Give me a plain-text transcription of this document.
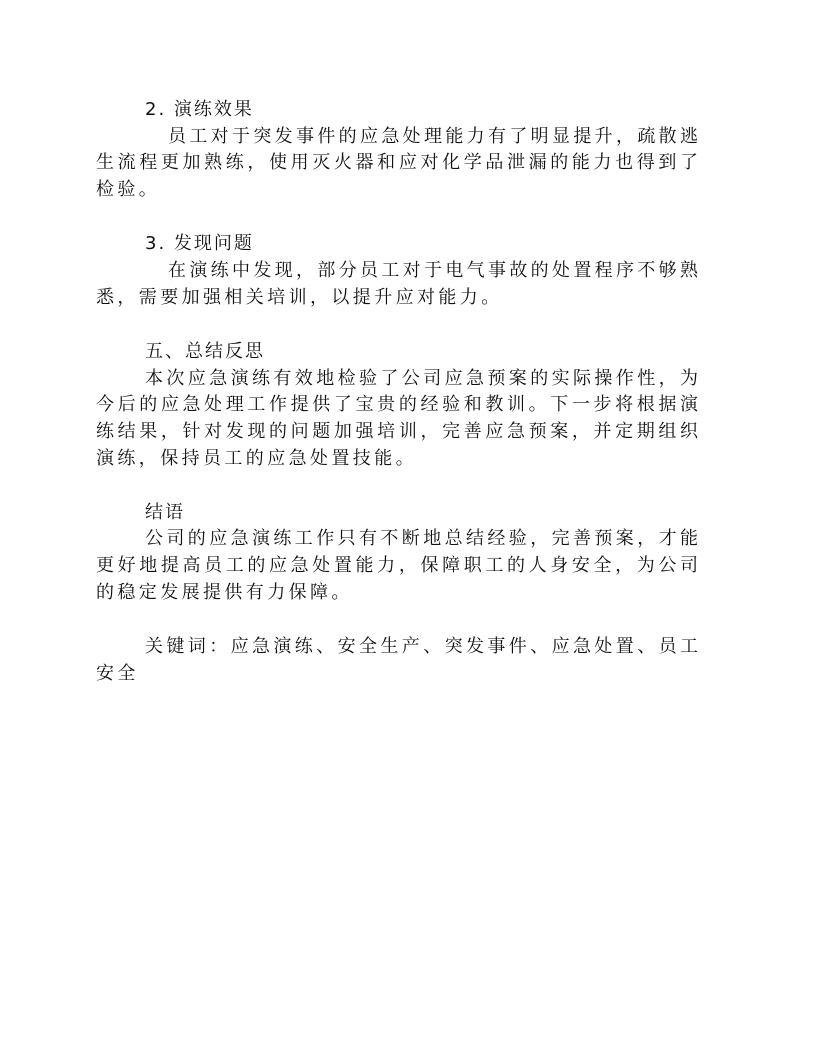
2. 演练效果
员工对于突发事件的应急处理能力有了明显提升，疏散逃
生流程更加熟练，使用灭火器和应对化学品泄漏的能力也得到了
检验。
3. 发现问题
在演练中发现，部分员工对于电气事故的处置程序不够熟
悉，需要加强相关培训，以提升应对能力。
五、总结反思
本次应急演练有效地检验了公司应急预案的实际操作性，为
今后的应急处理工作提供了宝贵的经验和教训。下一步将根据演
练结果，针对发现的问题加强培训，完善应急预案，并定期组织
演练，保持员工的应急处置技能。
结语
公司的应急演练工作只有不断地总结经验，完善预案，才能
更好地提高员工的应急处置能力，保障职工的人身安全，为公司
的稳定发展提供有力保障。
关键词：应急演练、安全生产、突发事件、应急处置、员工
安全
